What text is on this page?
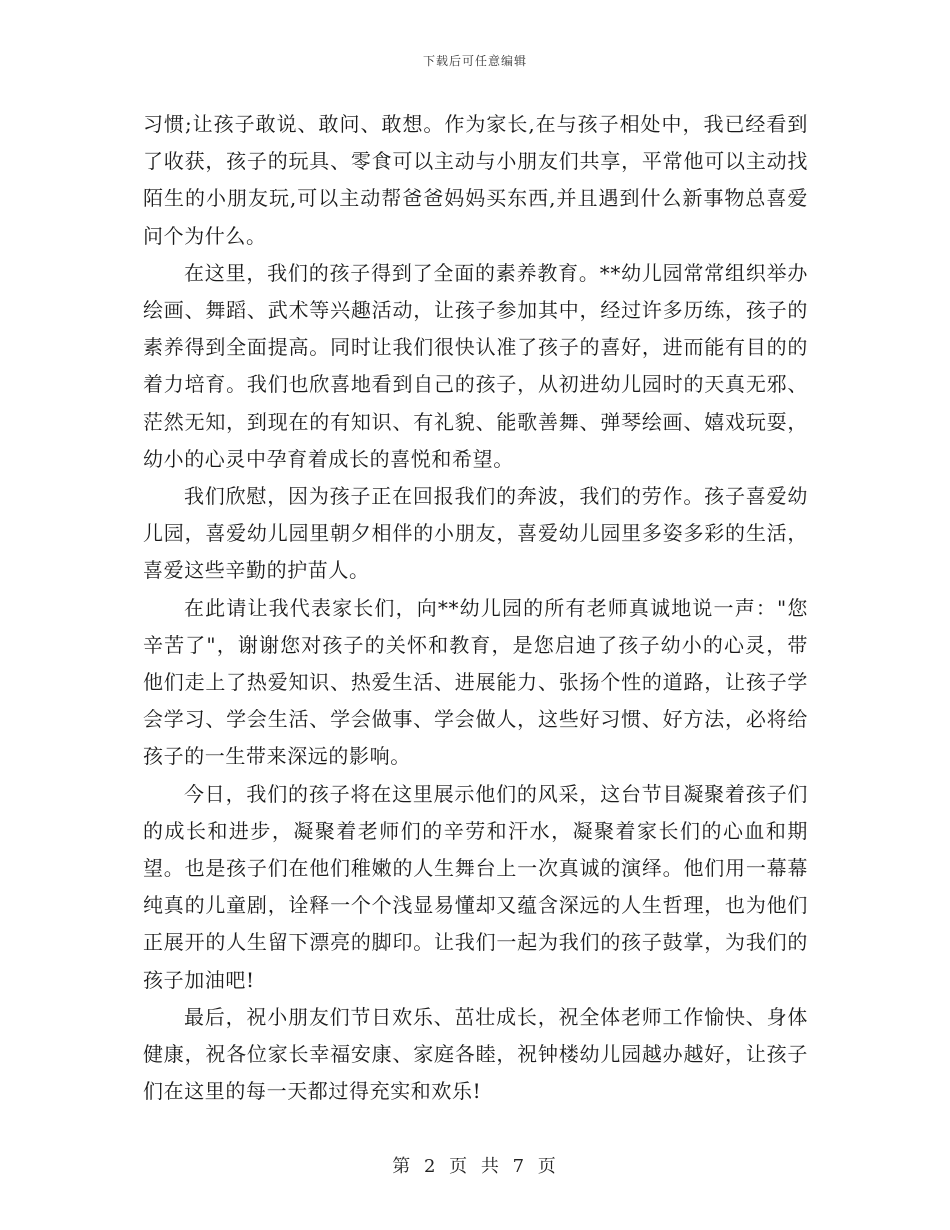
下载后可任意编辑

习惯;让孩子敢说、敢问、敢想。作为家长,在与孩子相处中，我已经看到了收获，孩子的玩具、零食可以主动与小朋友们共享，平常他可以主动找陌生的小朋友玩,可以主动帮爸爸妈妈买东西,并且遇到什么新事物总喜爱问个为什么。

在这里，我们的孩子得到了全面的素养教育。**幼儿园常常组织举办绘画、舞蹈、武术等兴趣活动，让孩子参加其中，经过许多历练，孩子的素养得到全面提高。同时让我们很快认准了孩子的喜好，进而能有目的的着力培育。我们也欣喜地看到自己的孩子，从初进幼儿园时的天真无邪、茫然无知，到现在的有知识、有礼貌、能歌善舞、弹琴绘画、嬉戏玩耍，幼小的心灵中孕育着成长的喜悦和希望。

我们欣慰，因为孩子正在回报我们的奔波，我们的劳作。孩子喜爱幼儿园，喜爱幼儿园里朝夕相伴的小朋友，喜爱幼儿园里多姿多彩的生活，喜爱这些辛勤的护苗人。

在此请让我代表家长们，向**幼儿园的所有老师真诚地说一声："您辛苦了"，谢谢您对孩子的关怀和教育，是您启迪了孩子幼小的心灵，带他们走上了热爱知识、热爱生活、进展能力、张扬个性的道路，让孩子学会学习、学会生活、学会做事、学会做人，这些好习惯、好方法，必将给孩子的一生带来深远的影响。

今日，我们的孩子将在这里展示他们的风采，这台节目凝聚着孩子们的成长和进步，凝聚着老师们的辛劳和汗水，凝聚着家长们的心血和期望。也是孩子们在他们稚嫩的人生舞台上一次真诚的演绎。他们用一幕幕纯真的儿童剧，诠释一个个浅显易懂却又蕴含深远的人生哲理，也为他们正展开的人生留下漂亮的脚印。让我们一起为我们的孩子鼓掌，为我们的孩子加油吧!

最后，祝小朋友们节日欢乐、茁壮成长，祝全体老师工作愉快、身体健康，祝各位家长幸福安康、家庭各睦，祝钟楼幼儿园越办越好，让孩子们在这里的每一天都过得充实和欢乐!

第 2 页 共 7 页
